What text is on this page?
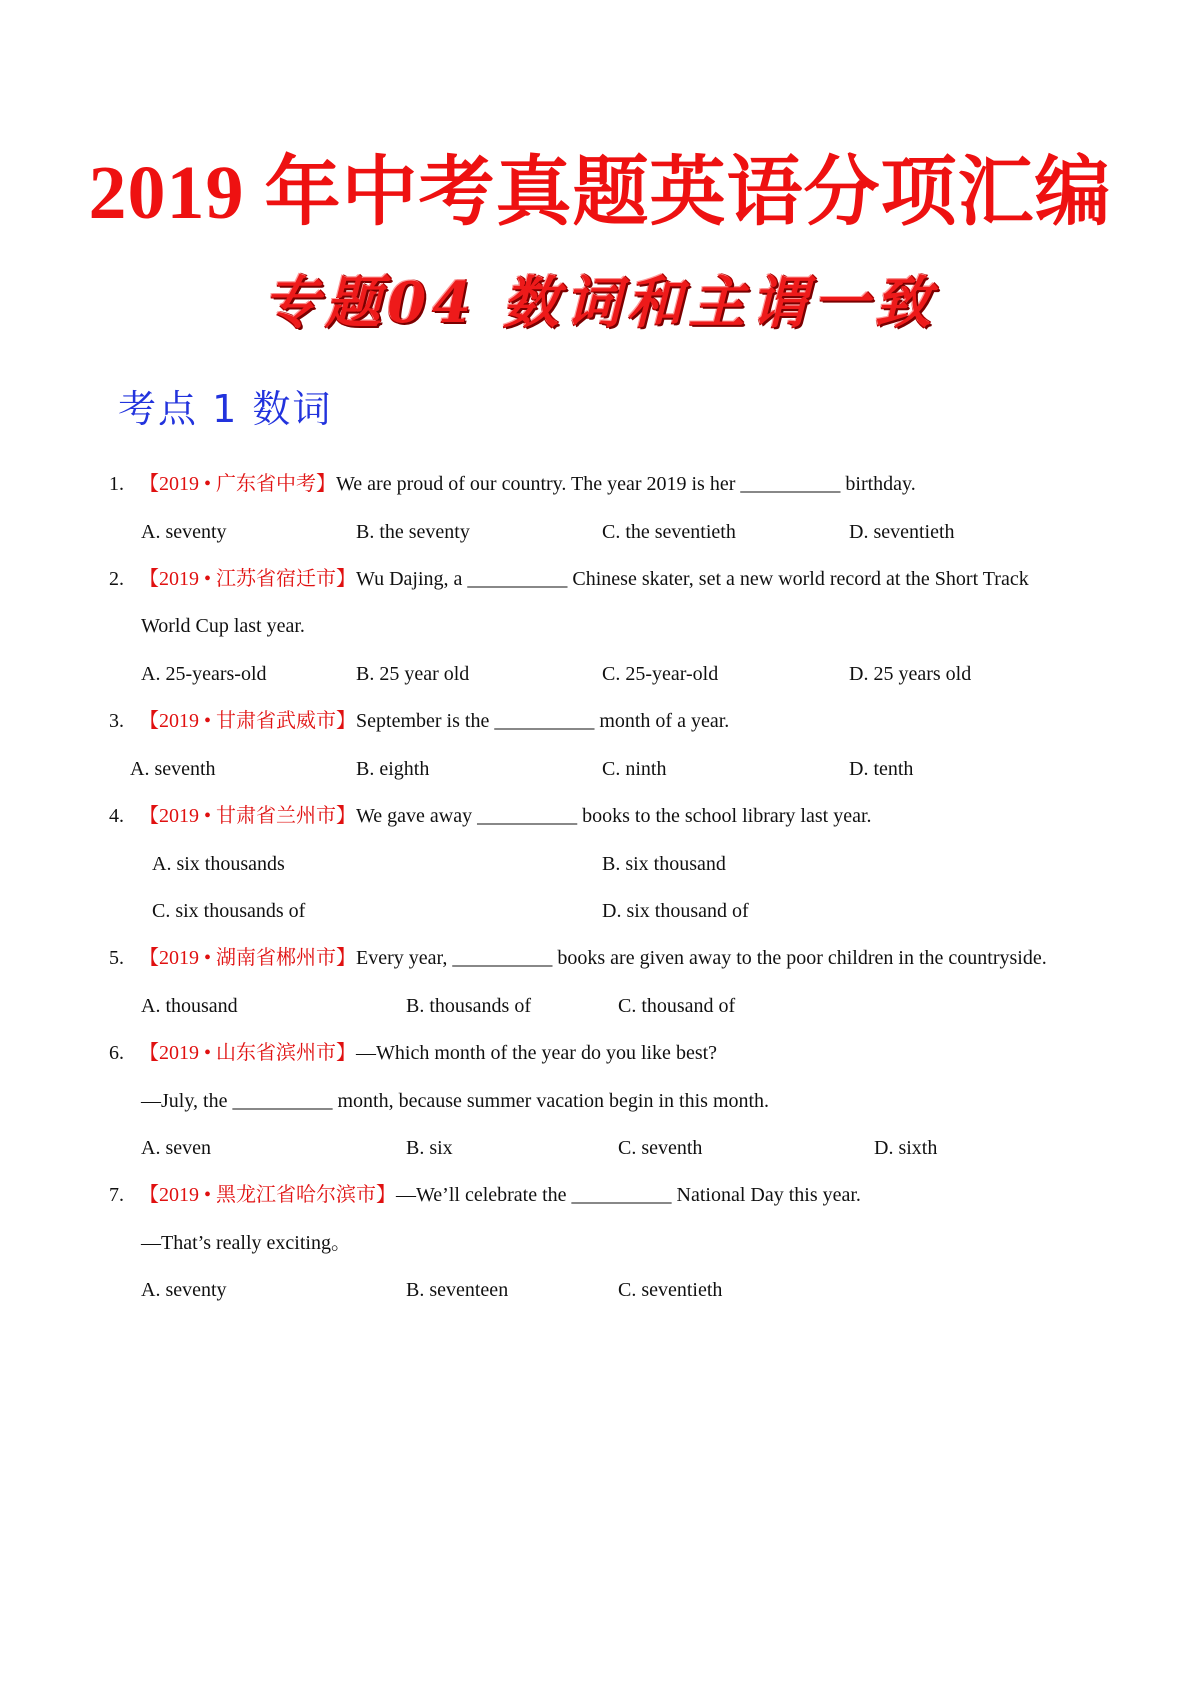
2019 年中考真题英语分项汇编
专题04 数词和主谓一致
考点 1 数词
1. 【2019 • 广东省中考】We are proud of our country. The year 2019 is her __________ birthday.
A. seventy	B. the seventy	C. the seventieth	D. seventieth
2. 【2019 • 江苏省宿迁市】Wu Dajing, a __________ Chinese skater, set a new world record at the Short Track
World Cup last year.
A. 25-years-old	B. 25 year old	C. 25-year-old	D. 25 years old
3. 【2019 • 甘肃省武威市】September is the __________ month of a year.
A. seventh	B. eighth	C. ninth	D. tenth
4. 【2019 • 甘肃省兰州市】We gave away __________ books to the school library last year.
A. six thousands	B. six thousand
C. six thousands of	D. six thousand of
5. 【2019 • 湖南省郴州市】Every year, __________ books are given away to the poor children in the countryside.
A. thousand	B. thousands of	C. thousand of
6. 【2019 • 山东省滨州市】—Which month of the year do you like best?
—July, the __________ month, because summer vacation begin in this month.
A. seven	B. six	C. seventh	D. sixth
7. 【2019 • 黑龙江省哈尔滨市】—We’ll celebrate the __________ National Day this year.
—That’s really exciting。
A. seventy	B. seventeen	C. seventieth
